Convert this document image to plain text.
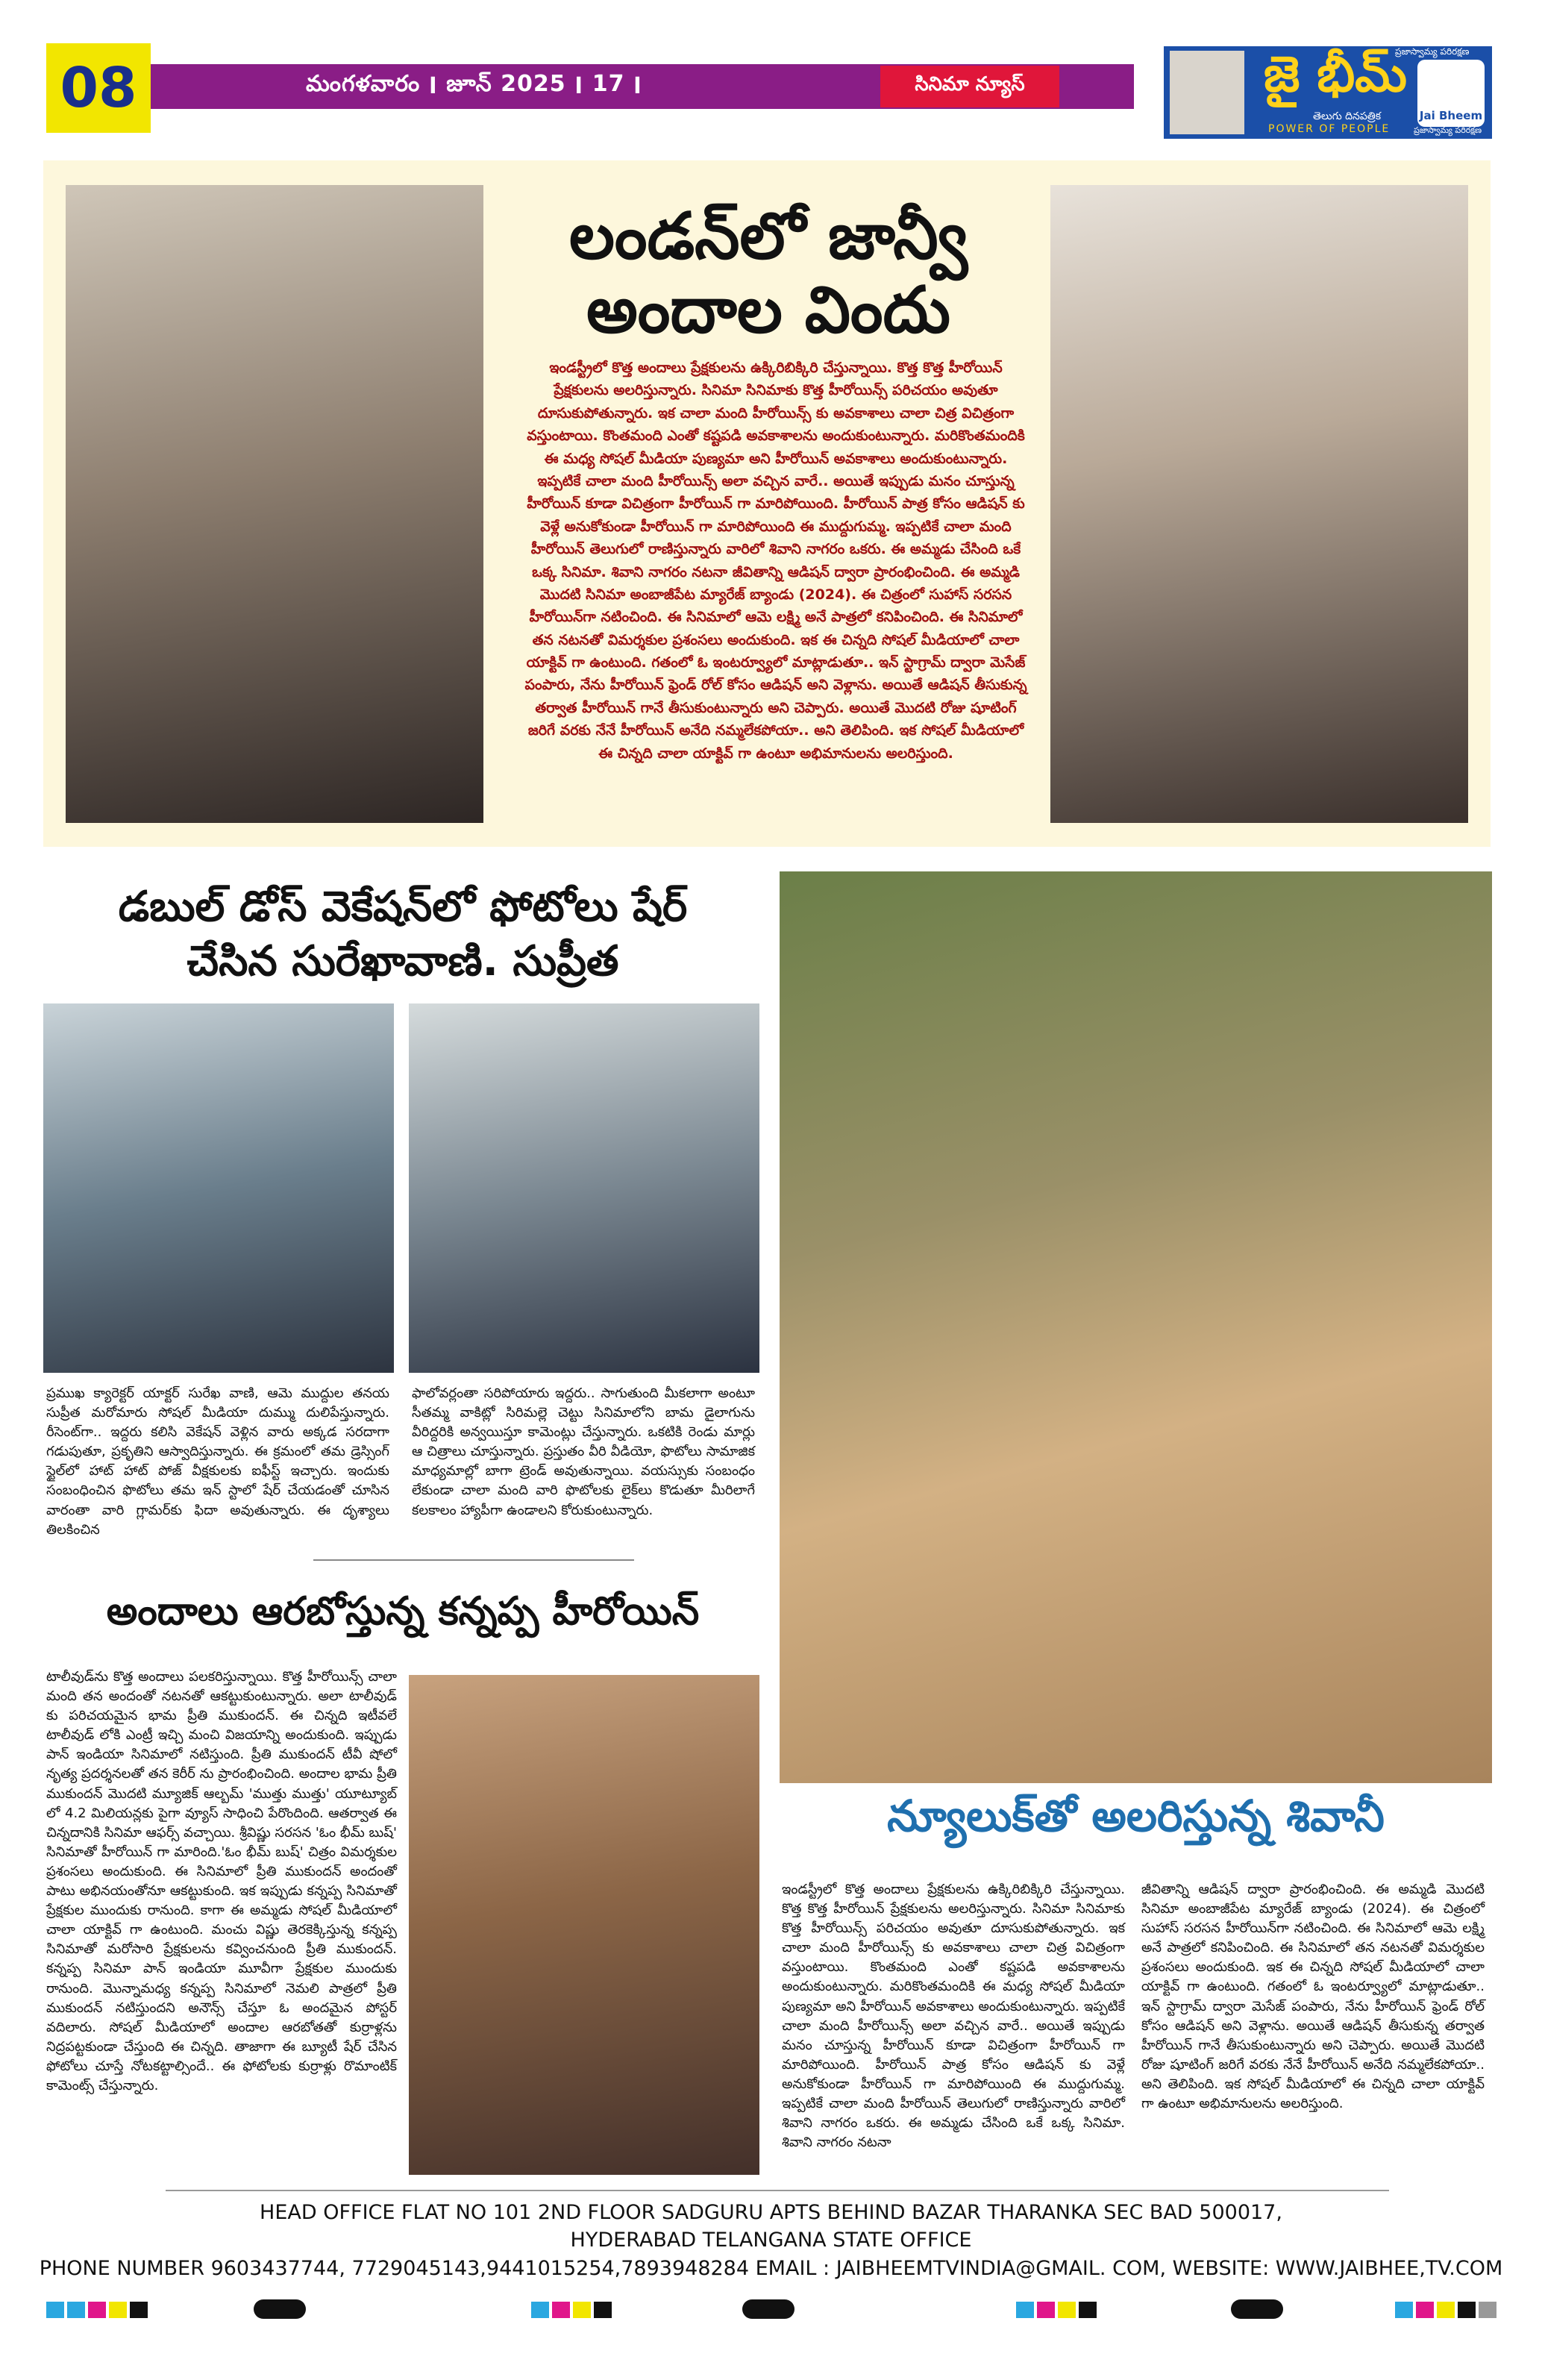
08	మంగళవారం ׀ జూన్ ׀ 17 ׀ 2025	సినిమా న్యూస్	జై భీమ్
ప్రజాస్వామ్య పరిరక్షణ
తెలుగు దినపత్రిక
POWER OF PEOPLE
Jai Bheem
ప్రజాస్వామ్య పరిరక్షణ
లండన్‌లో జాన్వీ
అందాల విందు
ఇండస్ట్రీలో కొత్త అందాలు ప్రేక్షకులను ఉక్కిరిబిక్కిరి చేస్తున్నాయి. కొత్త కొత్త హీరోయిన్ ప్రేక్షకులను అలరిస్తున్నారు. సినిమా సినిమాకు కొత్త హీరోయిన్స్ పరిచయం అవుతూ దూసుకుపోతున్నారు. ఇక చాలా మంది హీరోయిన్స్ కు అవకాశాలు చాలా చిత్ర విచిత్రంగా వస్తుంటాయి. కొంతమంది ఎంతో కష్టపడి అవకాశాలను అందుకుంటున్నారు. మరికొంతమందికి ఈ మధ్య సోషల్ మీడియా పుణ్యమా అని హీరోయిన్ అవకాశాలు అందుకుంటున్నారు. ఇప్పటికే చాలా మంది హీరోయిన్స్ అలా వచ్చిన వారే.. అయితే ఇప్పుడు మనం చూస్తున్న హీరోయిన్ కూడా విచిత్రంగా హీరోయిన్ గా మారిపోయింది. హీరోయిన్ పాత్ర కోసం ఆడిషన్ కు వెళ్లే అనుకోకుండా హీరోయిన్ గా మారిపోయింది ఈ ముద్దుగుమ్మ. ఇప్పటికే చాలా మంది హీరోయిన్ తెలుగులో రాణిస్తున్నారు వారిలో శివాని నాగరం ఒకరు. ఈ అమ్మడు చేసింది ఒకే ఒక్క సినిమా. శివాని నాగరం నటనా జీవితాన్ని ఆడిషన్ ద్వారా ప్రారంభించింది. ఈ అమ్మడి మొదటి సినిమా అంబాజీపేట మ్యారేజ్ బ్యాండు (2024). ఈ చిత్రంలో సుహాస్ సరసన హీరోయిన్‌గా నటించింది. ఈ సినిమాలో ఆమె లక్ష్మి అనే పాత్రలో కనిపించింది. ఈ సినిమాలో తన నటనతో విమర్శకుల ప్రశంసలు అందుకుంది. ఇక ఈ చిన్నది సోషల్ మీడియాలో చాలా యాక్టివ్ గా ఉంటుంది. గతంలో ఓ ఇంటర్వ్యూలో మాట్లాడుతూ.. ఇన్ స్టాగ్రామ్ ద్వారా మెసేజ్ పంపారు, నేను హీరోయిన్ ఫ్రెండ్ రోల్ కోసం ఆడిషన్ అని వెళ్లాను. అయితే ఆడిషన్ తీసుకున్న తర్వాత హీరోయిన్ గానే తీసుకుంటున్నారు అని చెప్పారు. అయితే మొదటి రోజు షూటింగ్ జరిగే వరకు నేనే హీరోయిన్ అనేది నమ్మలేకపోయా.. అని తెలిపింది. ఇక సోషల్ మీడియాలో ఈ చిన్నది చాలా యాక్టివ్ గా ఉంటూ అభిమానులను అలరిస్తుంది.
డబుల్ డోస్ వెకేషన్‌లో ఫోటోలు షేర్
చేసిన సురేఖావాణి. సుప్రీత
ప్రముఖ క్యారెక్టర్ యాక్టర్ సురేఖ వాణి, ఆమె ముద్దుల తనయ సుప్రీత మరోమారు సోషల్ మీడియా దుమ్ము దులిపేస్తున్నారు. రీసెంట్‌గా.. ఇద్దరు కలిసి వెకేషన్ వెళ్లిన వారు అక్కడ సరదాగా గడుపుతూ, ప్రకృతిని ఆస్వాదిస్తున్నారు. ఈ క్రమంలో తమ డ్రెస్సింగ్ స్టైల్‌లో హాట్ హాట్ పోజ్ వీక్షకులకు ఐఫీస్ట్ ఇచ్చారు. ఇందుకు సంబంధించిన ఫొటోలు తమ ఇన్ స్టాలో షేర్ చేయడంతో చూసిన వారంతా వారి గ్లామర్‌కు ఫిదా అవుతున్నారు. ఈ దృశ్యాలు తిలకించిన
ఫాలోవర్లంతా సరిపోయారు ఇద్దరు.. సాగుతుంది మీకలాగా అంటూ సీతమ్మ వాకిట్లో సిరిమల్లె చెట్టు సినిమాలోని బామ డైలాగును వీరిద్దరికి అన్వయిస్తూ కామెంట్లు చేస్తున్నారు. ఒకటికి రెండు మార్లు ఆ చిత్రాలు చూస్తున్నారు. ప్రస్తుతం వీరి వీడియో, ఫొటోలు సామాజిక మాధ్యమాల్లో బాగా ట్రెండ్ అవుతున్నాయి. వయస్సుకు సంబంధం లేకుండా చాలా మంది వారి ఫొటోలకు లైక్‌లు కొడుతూ మీరిలాగే కలకాలం హ్యాపీగా ఉండాలని కోరుకుంటున్నారు.
అందాలు ఆరబోస్తున్న కన్నప్ప హీరోయిన్
టాలీవుడ్‌ను కొత్త అందాలు పలకరిస్తున్నాయి. కొత్త హీరోయిన్స్ చాలా మంది తన అందంతో నటనతో ఆకట్టుకుంటున్నారు. అలా టాలీవుడ్ కు పరిచయమైన భామ ప్రీతి ముకుందన్. ఈ చిన్నది ఇటీవలే టాలీవుడ్ లోకి ఎంట్రీ ఇచ్చి మంచి విజయాన్ని అందుకుంది. ఇప్పుడు పాన్ ఇండియా సినిమాలో నటిస్తుంది. ప్రీతి ముకుందన్ టీవీ షోలో నృత్య ప్రదర్శనలతో తన కెరీర్ ను ప్రారంభించింది. అందాల భామ ప్రీతి ముకుందన్ మొదటి మ్యూజిక్ ఆల్బమ్ 'ముత్తు ముత్తు' యూట్యూబ్ లో 4.2 మిలియన్లకు పైగా వ్యూస్ సాధించి పేరొందింది. ఆతర్వాత ఈ చిన్నదానికి సినిమా ఆఫర్స్ వచ్చాయి. శ్రీవిష్ణు సరసన 'ఓం భీమ్ బుష్' సినిమాతో హీరోయిన్ గా మారింది.'ఓం భీమ్ బుష్' చిత్రం విమర్శకుల ప్రశంసలు అందుకుంది. ఈ సినిమాలో ప్రీతి ముకుందన్ అందంతో పాటు అభినయంతోనూ ఆకట్టుకుంది. ఇక ఇప్పుడు కన్నప్ప సినిమాతో ప్రేక్షకుల ముందుకు రానుంది. కాగా ఈ అమ్మడు సోషల్ మీడియాలో చాలా యాక్టివ్ గా ఉంటుంది. మంచు విష్ణు తెరకెక్కిస్తున్న కన్నప్ప సినిమాతో మరోసారి ప్రేక్షకులను కవ్వించనుంది ప్రీతి ముకుందన్. కన్నప్ప సినిమా పాన్ ఇండియా మూవీగా ప్రేక్షకుల ముందుకు రానుంది. మొన్నామధ్య కన్నప్ప సినిమాలో నెమలి పాత్రలో ప్రీతి ముకుందన్ నటిస్తుందని అనౌన్స్ చేస్తూ ఓ అందమైన పోస్టర్ వదిలారు. సోషల్ మీడియాలో అందాల ఆరబోతతో కుర్రాళ్లను నిద్రపట్టకుండా చేస్తుంది ఈ చిన్నది. తాజాగా ఈ బ్యూటీ షేర్ చేసిన ఫోటోలు చూస్తే నోటకట్టాల్సిందే.. ఈ ఫోటోలకు కుర్రాళ్లు రొమాంటిక్ కామెంట్స్ చేస్తున్నారు.
న్యూలుక్‌తో అలరిస్తున్న శివానీ
ఇండస్ట్రీలో కొత్త అందాలు ప్రేక్షకులను ఉక్కిరిబిక్కిరి చేస్తున్నాయి. కొత్త కొత్త హీరోయిన్ ప్రేక్షకులను అలరిస్తున్నారు. సినిమా సినిమాకు కొత్త హీరోయిన్స్ పరిచయం అవుతూ దూసుకుపోతున్నారు. ఇక చాలా మంది హీరోయిన్స్ కు అవకాశాలు చాలా చిత్ర విచిత్రంగా వస్తుంటాయి. కొంతమంది ఎంతో కష్టపడి అవకాశాలను అందుకుంటున్నారు. మరికొంతమందికి ఈ మధ్య సోషల్ మీడియా పుణ్యమా అని హీరోయిన్ అవకాశాలు అందుకుంటున్నారు. ఇప్పటికే చాలా మంది హీరోయిన్స్ అలా వచ్చిన వారే.. అయితే ఇప్పుడు మనం చూస్తున్న హీరోయిన్ కూడా విచిత్రంగా హీరోయిన్ గా మారిపోయింది. హీరోయిన్ పాత్ర కోసం ఆడిషన్ కు వెళ్లే అనుకోకుండా హీరోయిన్ గా మారిపోయింది ఈ ముద్దుగుమ్మ. ఇప్పటికే చాలా మంది హీరోయిన్ తెలుగులో రాణిస్తున్నారు వారిలో శివాని నాగరం ఒకరు. ఈ అమ్మడు చేసింది ఒకే ఒక్క సినిమా. శివాని నాగరం నటనా
జీవితాన్ని ఆడిషన్ ద్వారా ప్రారంభించింది. ఈ అమ్మడి మొదటి సినిమా అంబాజీపేట మ్యారేజ్ బ్యాండు (2024). ఈ చిత్రంలో సుహాస్ సరసన హీరోయిన్‌గా నటించింది. ఈ సినిమాలో ఆమె లక్ష్మి అనే పాత్రలో కనిపించింది. ఈ సినిమాలో తన నటనతో విమర్శకుల ప్రశంసలు అందుకుంది. ఇక ఈ చిన్నది సోషల్ మీడియాలో చాలా యాక్టివ్ గా ఉంటుంది. గతంలో ఓ ఇంటర్వ్యూలో మాట్లాడుతూ.. ఇన్ స్టాగ్రామ్ ద్వారా మెసేజ్ పంపారు, నేను హీరోయిన్ ఫ్రెండ్ రోల్ కోసం ఆడిషన్ అని వెళ్లాను. అయితే ఆడిషన్ తీసుకున్న తర్వాత హీరోయిన్ గానే తీసుకుంటున్నారు అని చెప్పారు. అయితే మొదటి రోజు షూటింగ్ జరిగే వరకు నేనే హీరోయిన్ అనేది నమ్మలేకపోయా.. అని తెలిపింది. ఇక సోషల్ మీడియాలో ఈ చిన్నది చాలా యాక్టివ్ గా ఉంటూ అభిమానులను అలరిస్తుంది.
HEAD OFFICE FLAT NO 101 2ND FLOOR SADGURU APTS BEHIND BAZAR THARANKA SEC BAD 500017,
HYDERABAD TELANGANA STATE OFFICE
PHONE NUMBER 9603437744, 7729045143,9441015254,7893948284 EMAIL : JAIBHEEMTVINDIA@GMAIL. COM, WEBSITE: WWW.JAIBHEE,TV.COM
